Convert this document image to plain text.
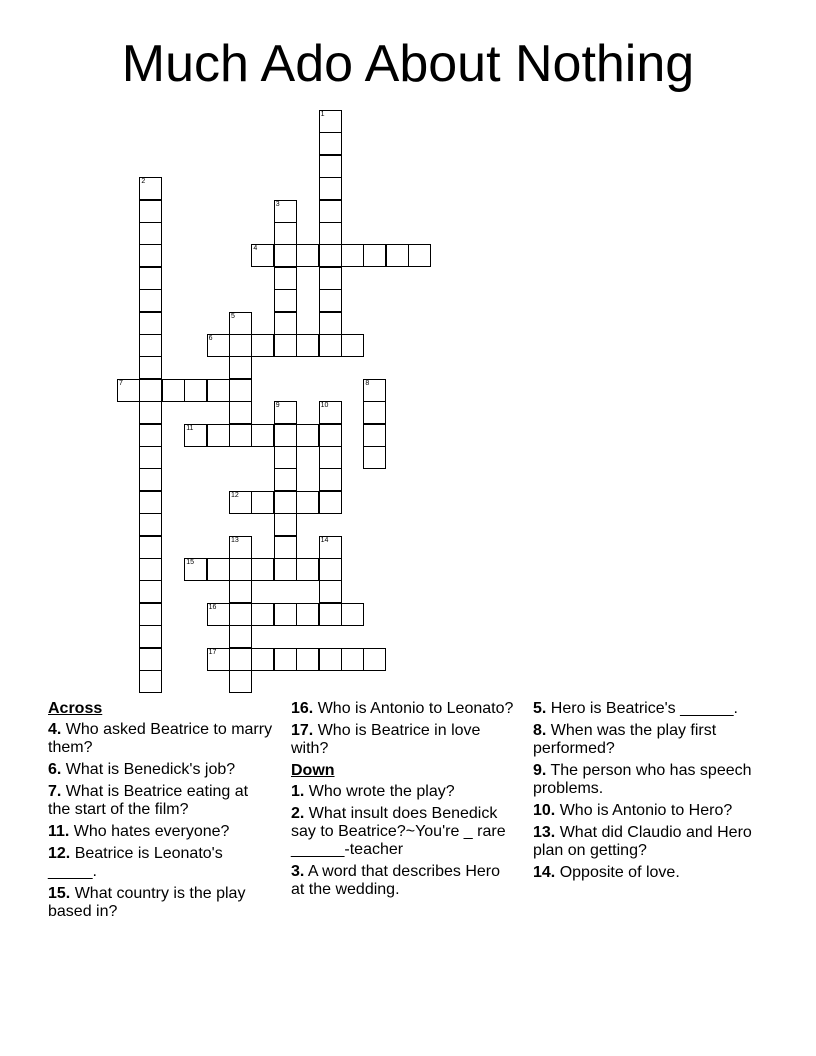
Much Ado About Nothing
1
2
3
4
5
6
7	8
9	10
11
12
13	14
15
16
17
Across
4. Who asked Beatrice to marry them?
6. What is Benedick's job?
7. What is Beatrice eating at the start of the film?
11. Who hates everyone?
12. Beatrice is Leonato's _____.
15. What country is the play based in?
16. Who is Antonio to Leonato?
17. Who is Beatrice in love with?
Down
1. Who wrote the play?
2. What insult does Benedick say to Beatrice?~You're _ rare ______-teacher
3. A word that describes Hero at the wedding.
5. Hero is Beatrice's ______.
8. When was the play first performed?
9. The person who has speech problems.
10. Who is Antonio to Hero?
13. What did Claudio and Hero plan on getting?
14. Opposite of love.
